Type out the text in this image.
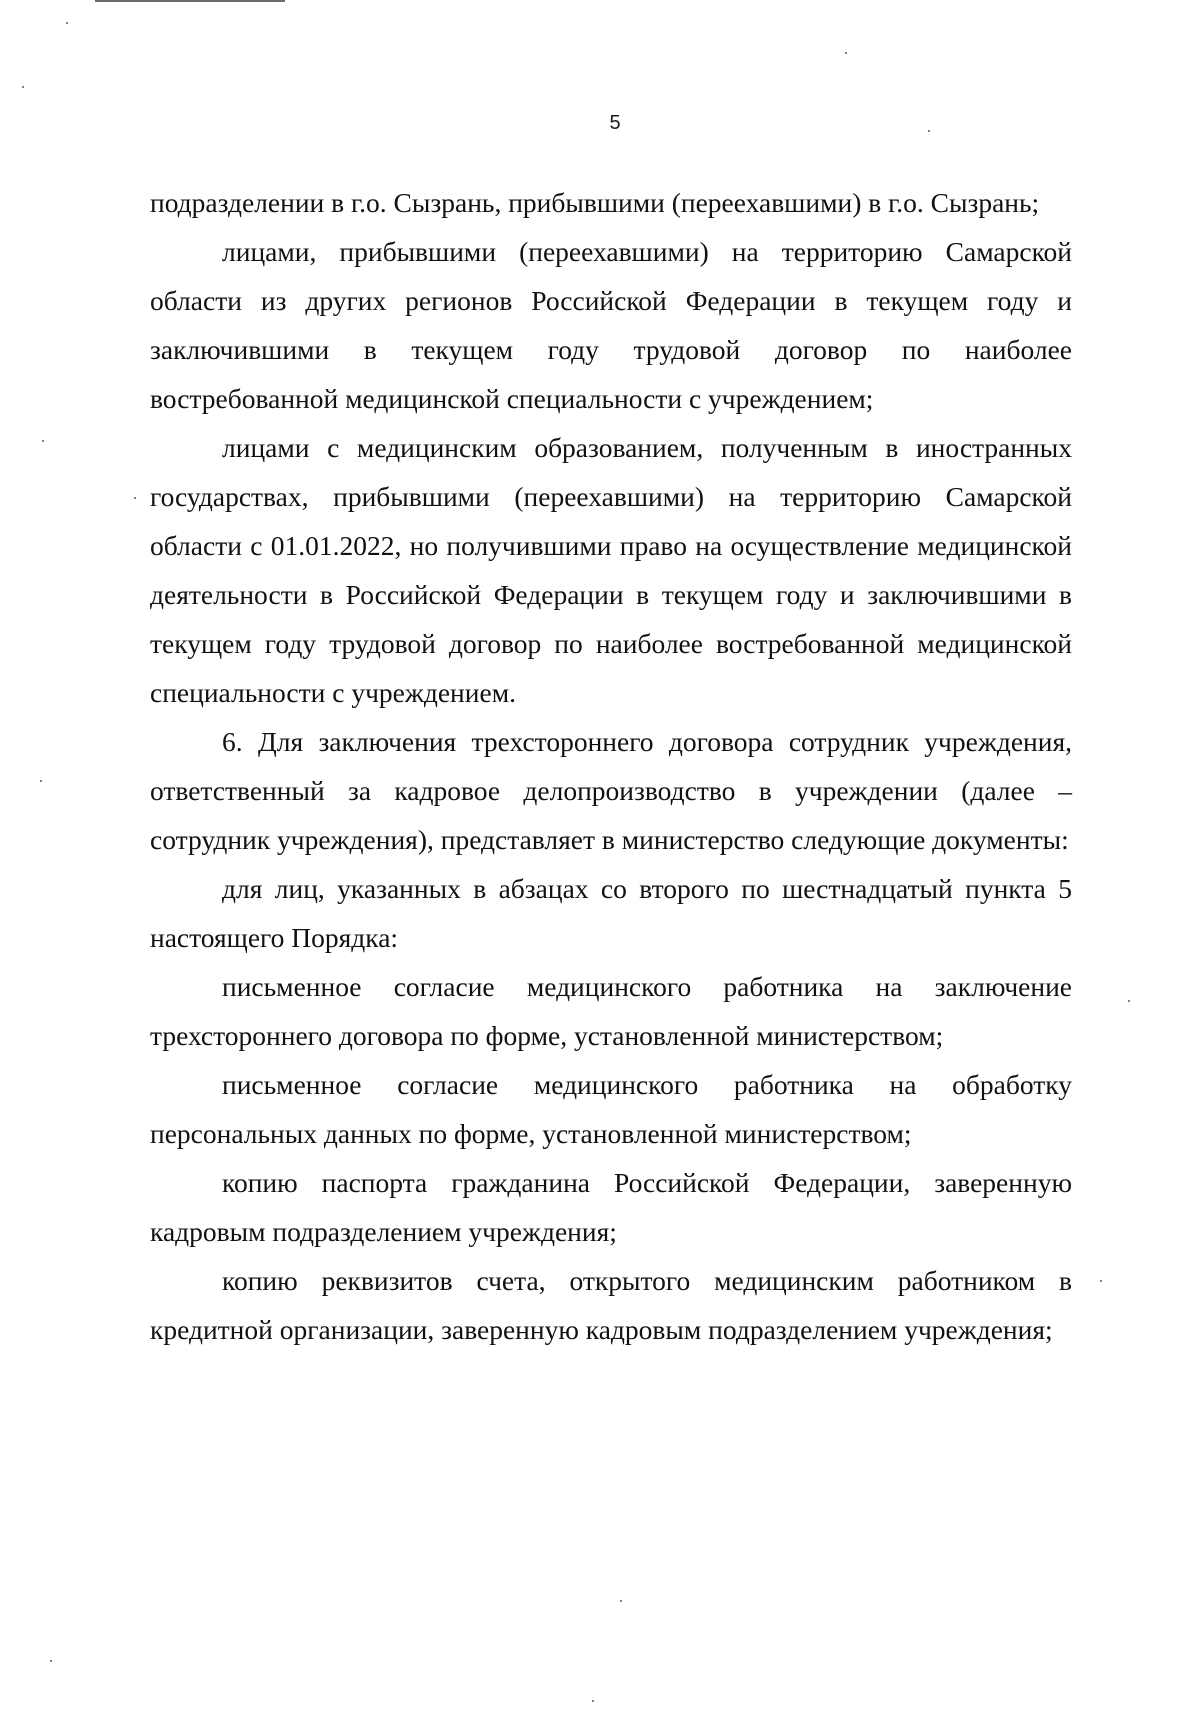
5

подразделении в г.о. Сызрань, прибывшими (переехавшими) в г.о. Сызрань;

лицами, прибывшими (переехавшими) на территорию Самарской области из других регионов Российской Федерации в текущем году и заключившими в текущем году трудовой договор по наиболее востребованной медицинской специальности с учреждением;

лицами с медицинским образованием, полученным в иностранных государствах, прибывшими (переехавшими) на территорию Самарской области с 01.01.2022, но получившими право на осуществление медицинской деятельности в Российской Федерации в текущем году и заключившими в текущем году трудовой договор по наиболее востребованной медицинской специальности с учреждением.

6. Для заключения трехстороннего договора сотрудник учреждения, ответственный за кадровое делопроизводство в учреждении (далее – сотрудник учреждения), представляет в министерство следующие документы:

для лиц, указанных в абзацах со второго по шестнадцатый пункта 5 настоящего Порядка:

письменное согласие медицинского работника на заключение трехстороннего договора по форме, установленной министерством;

письменное согласие медицинского работника на обработку персональных данных по форме, установленной министерством;

копию паспорта гражданина Российской Федерации, заверенную кадровым подразделением учреждения;

копию реквизитов счета, открытого медицинским работником в кредитной организации, заверенную кадровым подразделением учреждения;
